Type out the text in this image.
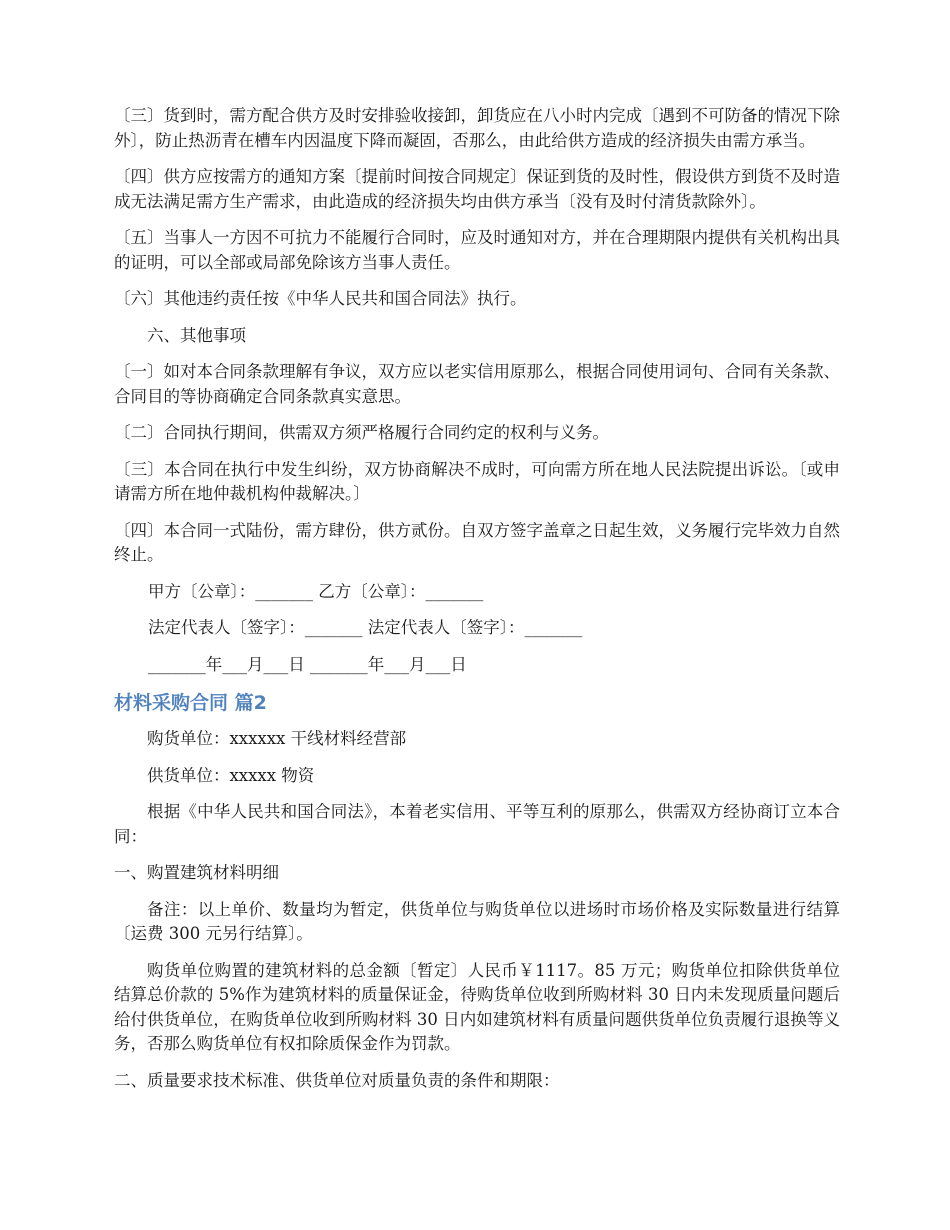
〔三〕货到时，需方配合供方及时安排验收接卸，卸货应在八小时内完成〔遇到不可防备的情况下除外〕，防止热沥青在槽车内因温度下降而凝固，否那么，由此给供方造成的经济损失由需方承当。

〔四〕供方应按需方的通知方案〔提前时间按合同规定〕保证到货的及时性，假设供方到货不及时造成无法满足需方生产需求，由此造成的经济损失均由供方承当〔没有及时付清货款除外〕。

〔五〕当事人一方因不可抗力不能履行合同时，应及时通知对方，并在合理期限内提供有关机构出具的证明，可以全部或局部免除该方当事人责任。

〔六〕其他违约责任按《中华人民共和国合同法》执行。

六、其他事项

〔一〕如对本合同条款理解有争议，双方应以老实信用原那么，根据合同使用词句、合同有关条款、合同目的等协商确定合同条款真实意思。

〔二〕合同执行期间，供需双方须严格履行合同约定的权利与义务。

〔三〕本合同在执行中发生纠纷，双方协商解决不成时，可向需方所在地人民法院提出诉讼。〔或申请需方所在地仲裁机构仲裁解决。〕

〔四〕本合同一式陆份，需方肆份，供方贰份。自双方签字盖章之日起生效，义务履行完毕效力自然终止。

甲方〔公章〕：_______ 乙方〔公章〕：_______

法定代表人〔签字〕：_______ 法定代表人〔签字〕：_______

_______年___月___日 _______年___月___日

材料采购合同 篇2

购货单位：xxxxxx 干线材料经营部

供货单位：xxxxx 物资

根据《中华人民共和国合同法》，本着老实信用、平等互利的原那么，供需双方经协商订立本合同：

一、购置建筑材料明细

备注：以上单价、数量均为暂定，供货单位与购货单位以进场时市场价格及实际数量进行结算〔运费 300 元另行结算〕。

购货单位购置的建筑材料的总金额〔暂定〕人民币￥1117。85 万元；购货单位扣除供货单位结算总价款的 5%作为建筑材料的质量保证金，待购货单位收到所购材料 30 日内未发现质量问题后给付供货单位，在购货单位收到所购材料 30 日内如建筑材料有质量问题供货单位负责履行退换等义务，否那么购货单位有权扣除质保金作为罚款。

二、质量要求技术标准、供货单位对质量负责的条件和期限：
